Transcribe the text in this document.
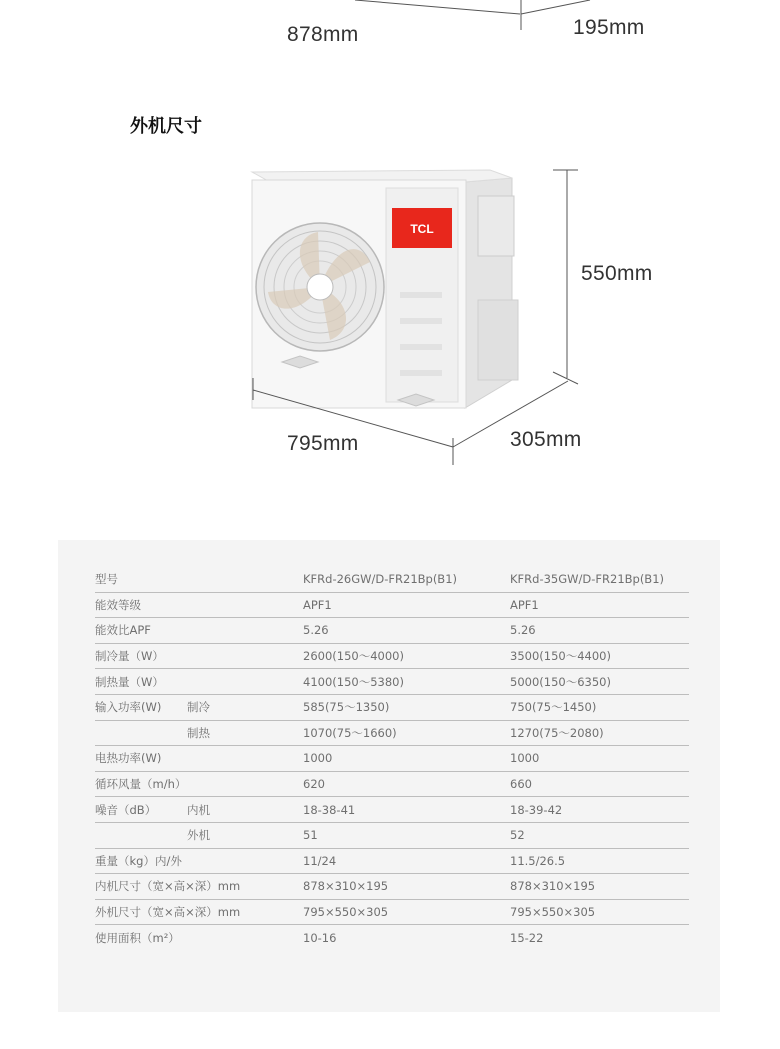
TCL
878mm	195mm
外机尺寸
550mm
795mm	305mm
型号		KFRd-26GW/D-FR21Bp(B1)	KFRd-35GW/D-FR21Bp(B1)
能效等级		APF1	APF1
能效比APF		5.26	5.26
制冷量（W）		2600(150～4000)	3500(150～4400)
制热量（W）		4100(150～5380)	5000(150～6350)
输入功率(W)	制冷	585(75～1350)	750(75～1450)
	制热	1070(75～1660)	1270(75～2080)
电热功率(W)		1000	1000
循环风量（m/h）		620	660
噪音（dB）	内机	18-38-41	18-39-42
	外机	51	52
重量（kg）内/外		11/24	11.5/26.5
内机尺寸（宽×高×深）mm		878×310×195	878×310×195
外机尺寸（宽×高×深）mm		795×550×305	795×550×305
使用面积（m²）		10-16	15-22
